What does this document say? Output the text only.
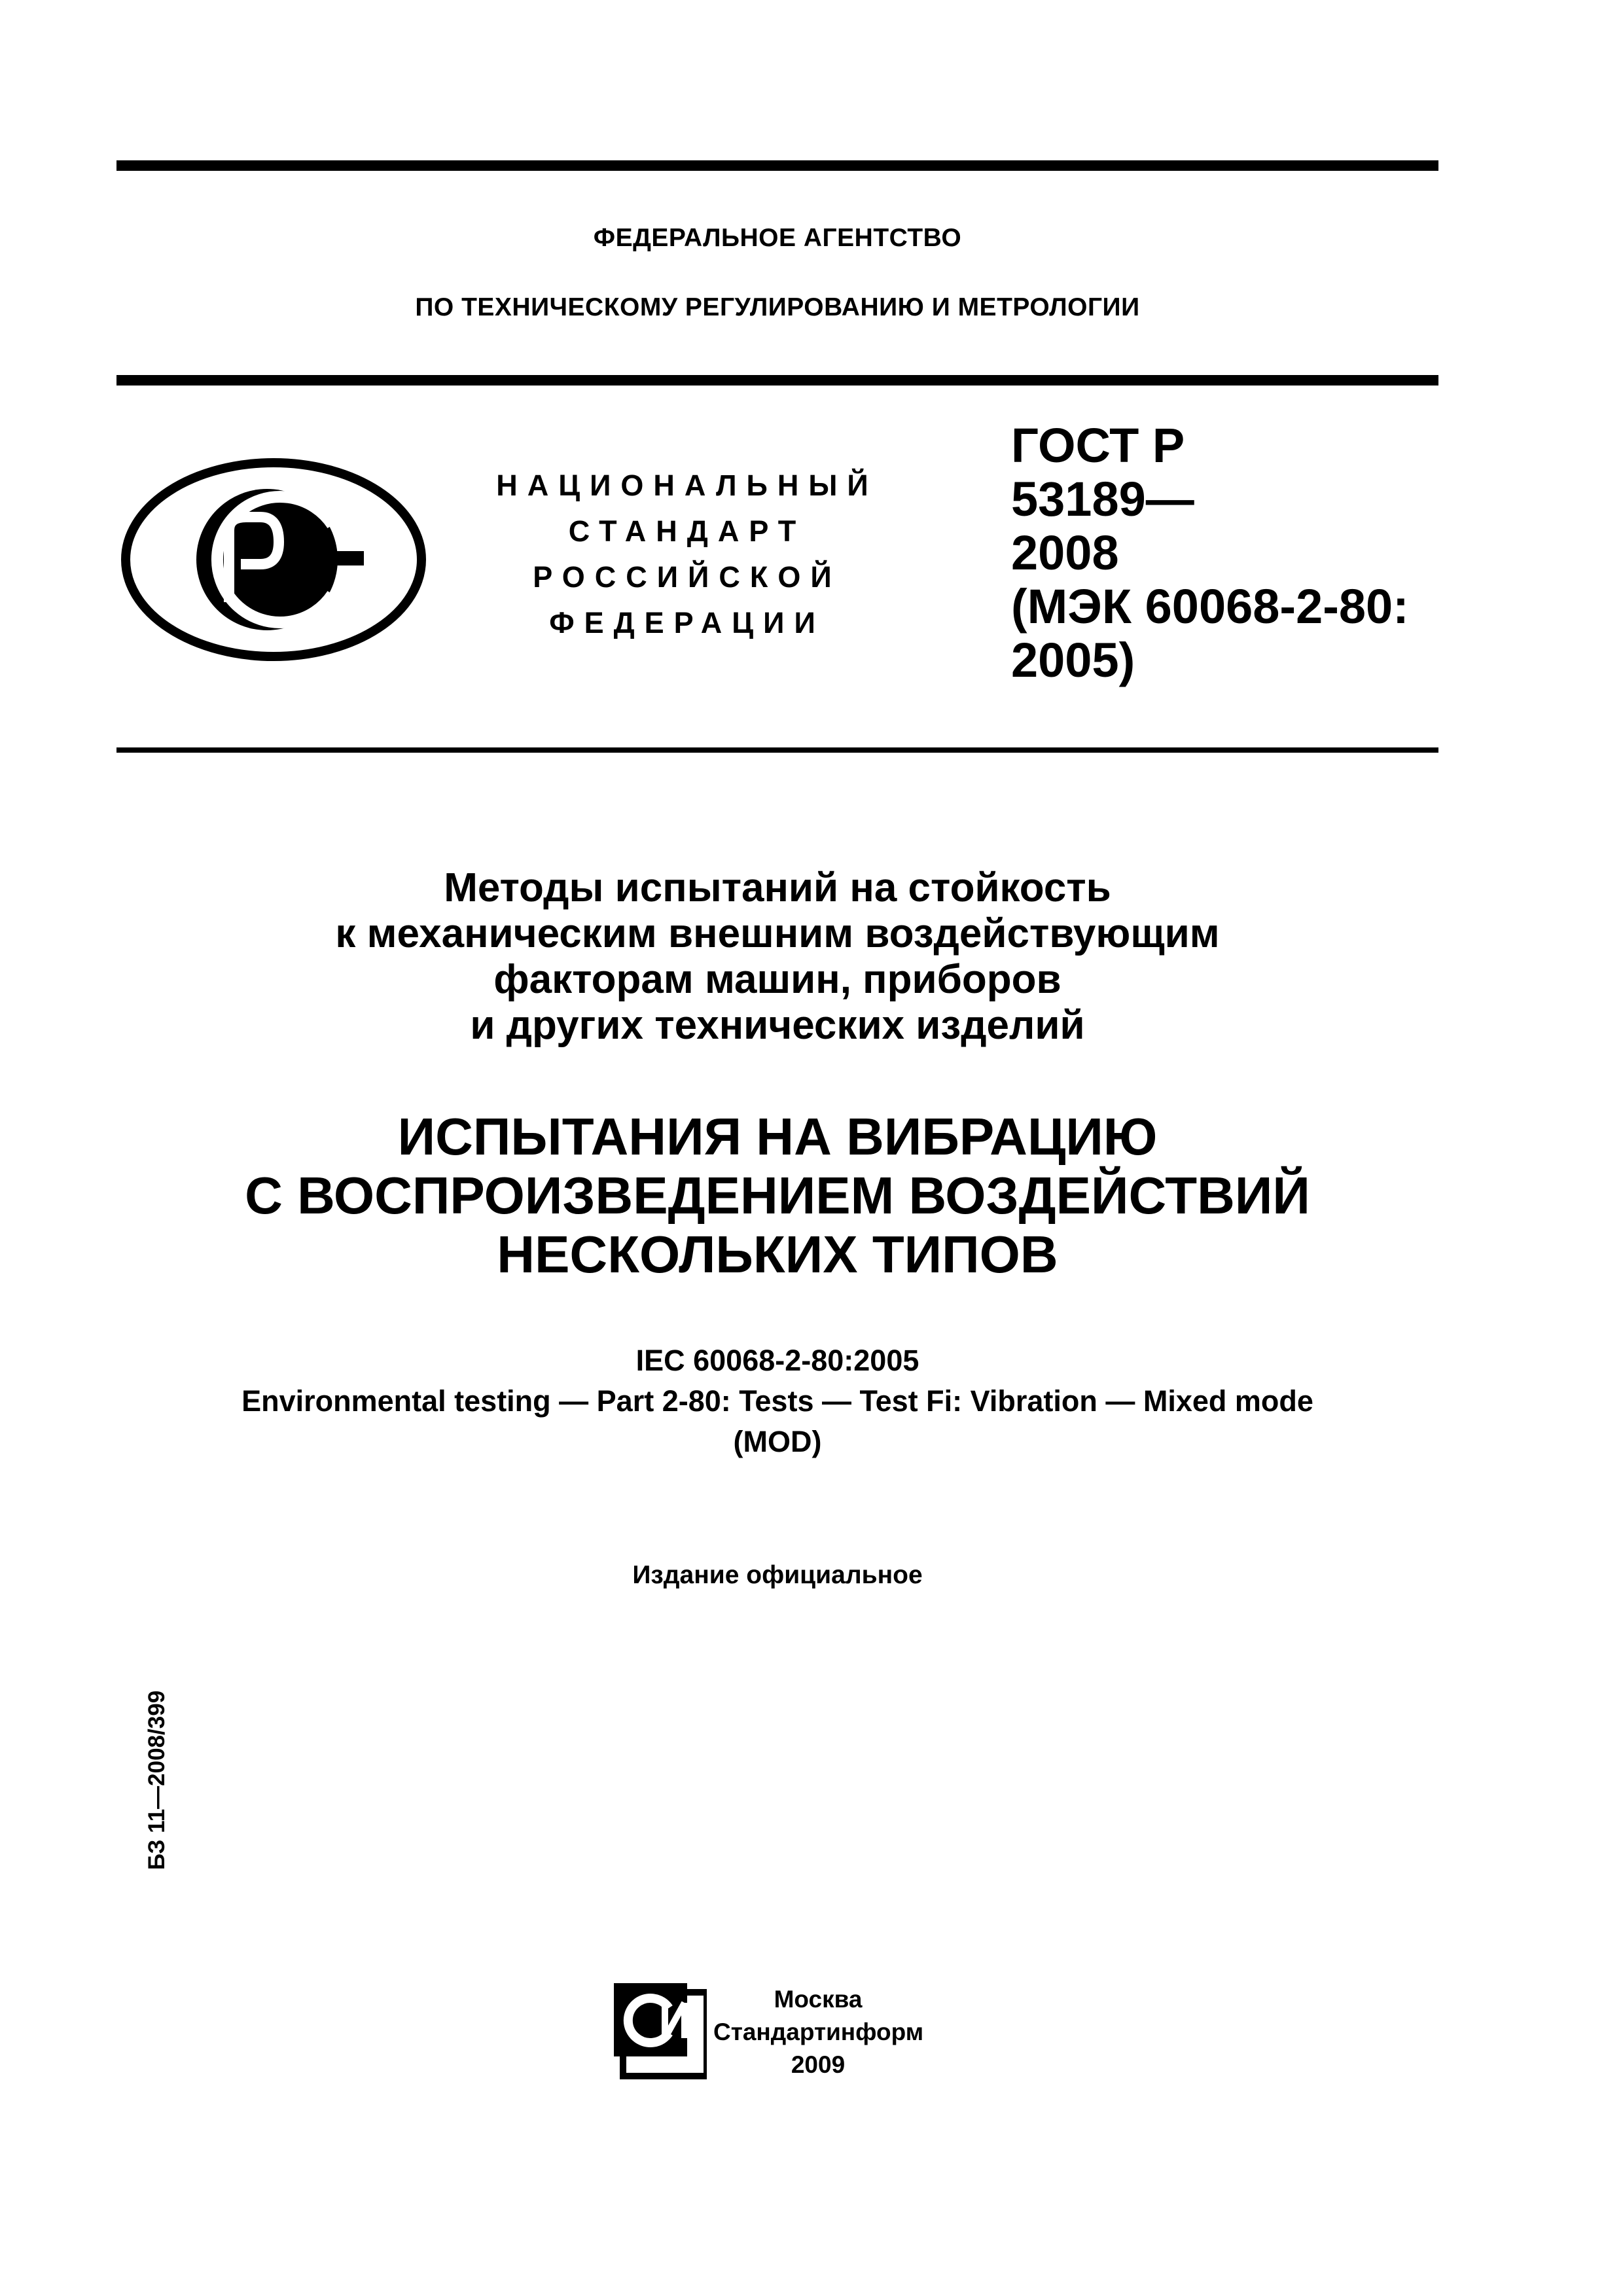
ФЕДЕРАЛЬНОЕ АГЕНТСТВО
ПО ТЕХНИЧЕСКОМУ РЕГУЛИРОВАНИЮ И МЕТРОЛОГИИ
НАЦИОНАЛЬНЫЙ
СТАНДАРТ
РОССИЙСКОЙ
ФЕДЕРАЦИИ
ГОСТ Р
53189—
2008
(МЭК 60068-2-80:
2005)
Методы испытаний на стойкость
к механическим внешним воздействующим
факторам машин, приборов
и других технических изделий
ИСПЫТАНИЯ НА ВИБРАЦИЮ
С ВОСПРОИЗВЕДЕНИЕМ ВОЗДЕЙСТВИЙ
НЕСКОЛЬКИХ ТИПОВ
IEC 60068-2-80:2005
Environmental testing — Part 2-80: Tests — Test Fi: Vibration — Mixed mode
(MOD)
Издание официальное
БЗ 11—2008/399
Москва
Стандартинформ
2009
